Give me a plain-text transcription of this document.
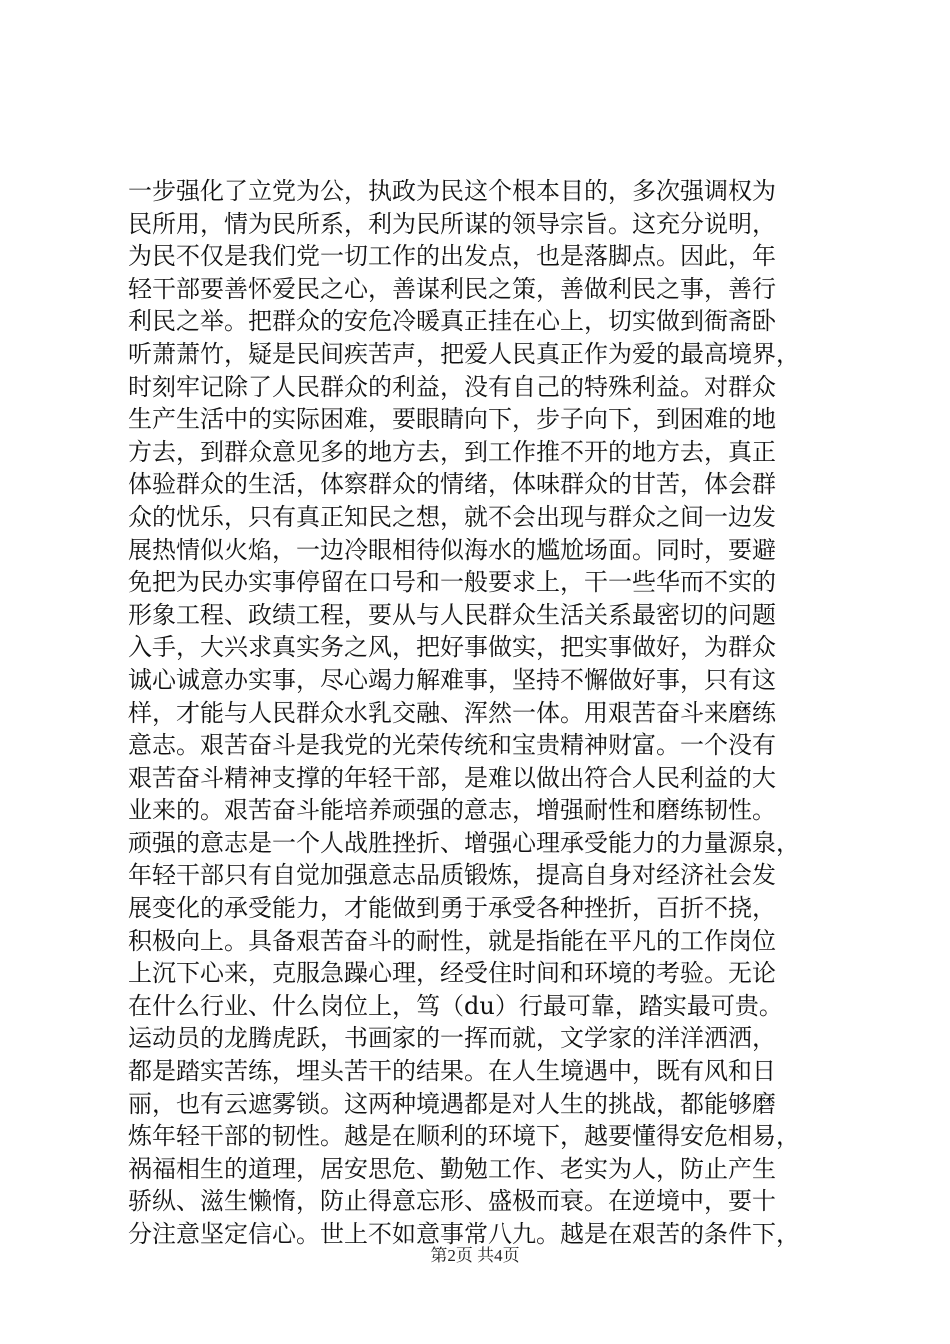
一步强化了立党为公，执政为民这个根本目的，多次强调权为
民所用，情为民所系，利为民所谋的领导宗旨。这充分说明，
为民不仅是我们党一切工作的出发点，也是落脚点。因此，年
轻干部要善怀爱民之心，善谋利民之策，善做利民之事，善行
利民之举。把群众的安危冷暖真正挂在心上，切实做到衙斋卧
听萧萧竹，疑是民间疾苦声，把爱人民真正作为爱的最高境界，
时刻牢记除了人民群众的利益，没有自己的特殊利益。对群众
生产生活中的实际困难，要眼睛向下，步子向下，到困难的地
方去，到群众意见多的地方去，到工作推不开的地方去，真正
体验群众的生活，体察群众的情绪，体味群众的甘苦，体会群
众的忧乐，只有真正知民之想，就不会出现与群众之间一边发
展热情似火焰，一边冷眼相待似海水的尴尬场面。同时，要避
免把为民办实事停留在口号和一般要求上，干一些华而不实的
形象工程、政绩工程，要从与人民群众生活关系最密切的问题
入手，大兴求真实务之风，把好事做实，把实事做好，为群众
诚心诚意办实事，尽心竭力解难事，坚持不懈做好事，只有这
样，才能与人民群众水乳交融、浑然一体。用艰苦奋斗来磨练
意志。艰苦奋斗是我党的光荣传统和宝贵精神财富。一个没有
艰苦奋斗精神支撑的年轻干部，是难以做出符合人民利益的大
业来的。艰苦奋斗能培养顽强的意志，增强耐性和磨练韧性。
顽强的意志是一个人战胜挫折、增强心理承受能力的力量源泉，
年轻干部只有自觉加强意志品质锻炼，提高自身对经济社会发
展变化的承受能力，才能做到勇于承受各种挫折，百折不挠，
积极向上。具备艰苦奋斗的耐性，就是指能在平凡的工作岗位
上沉下心来，克服急躁心理，经受住时间和环境的考验。无论
在什么行业、什么岗位上，笃（du）行最可靠，踏实最可贵。
运动员的龙腾虎跃，书画家的一挥而就，文学家的洋洋洒洒，
都是踏实苦练，埋头苦干的结果。在人生境遇中，既有风和日
丽，也有云遮雾锁。这两种境遇都是对人生的挑战，都能够磨
炼年轻干部的韧性。越是在顺利的环境下，越要懂得安危相易，
祸福相生的道理，居安思危、勤勉工作、老实为人，防止产生
骄纵、滋生懒惰，防止得意忘形、盛极而衰。在逆境中，要十
分注意坚定信心。世上不如意事常八九。越是在艰苦的条件下，
第2页 共4页
